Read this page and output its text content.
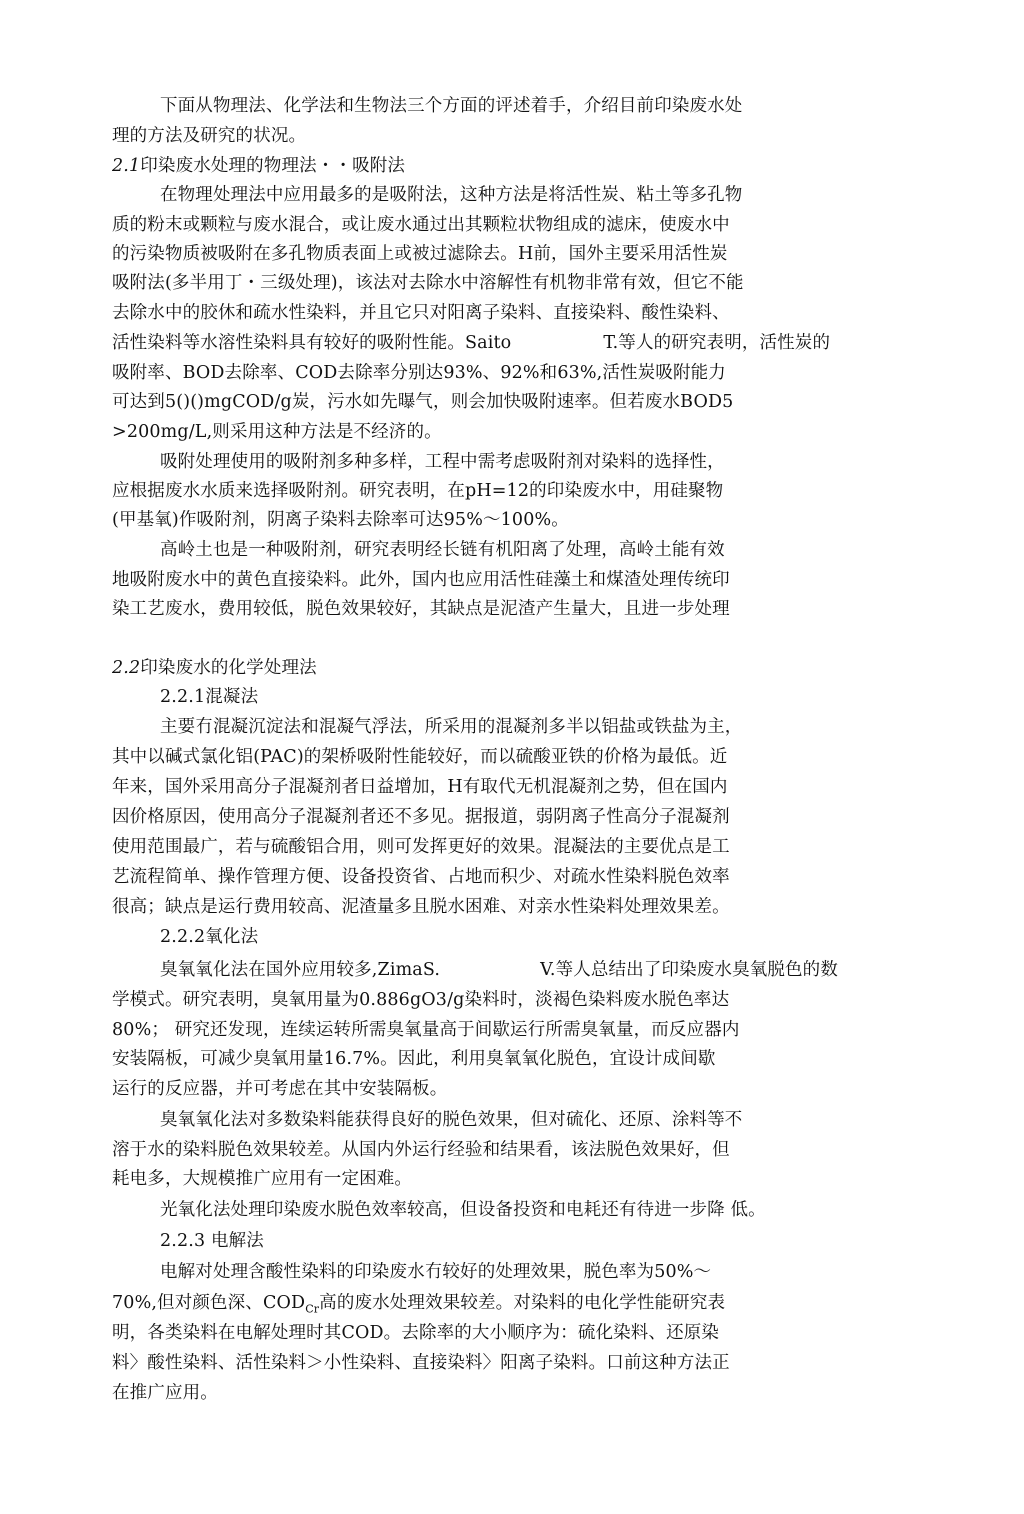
下面从物理法、化学法和生物法三个方面的评述着手，介绍目前印染废水处
理的方法及研究的状况。
2.1印染废水处理的物理法・・吸附法
在物理处理法中应用最多的是吸附法，这种方法是将活性炭、粘土等多孔物
质的粉末或颗粒与废水混合，或让废水通过出其颗粒状物组成的滤床，使废水中
的污染物质被吸附在多孔物质表面上或被过滤除去。H前，国外主要采用活性炭
吸附法(多半用丁・三级处理)，该法对去除水中溶解性有机物非常有效，但它不能
去除水中的胶休和疏水性染料，并且它只对阳离子染料、直接染料、酸性染料、
活性染料等水溶性染料具有较好的吸附性能。Saito	T.等人的研究表明，活性炭的
吸附率、BOD去除率、COD去除率分别达93%、92%和63%,活性炭吸附能力
可达到5()()mgCOD/g炭，污水如先曝气，则会加快吸附速率。但若废水BOD5
>200mg/L,则采用这种方法是不经济的。
吸附处理使用的吸附剂多种多样，工程中需考虑吸附剂对染料的选择性，
应根据废水水质来选择吸附剂。研究表明，在pH=12的印染废水中，用硅聚物
(甲基氧)作吸附剂，阴离子染料去除率可达95%～100%。
高岭土也是一种吸附剂，研究表明经长链有机阳离了处理，高岭土能有效
地吸附废水中的黄色直接染料。此外，国内也应用活性硅藻土和煤渣处理传统印
染工艺废水，费用较低，脱色效果较好，其缺点是泥渣产生量大，且进一步处理
2.2印染废水的化学处理法
2.2.1混凝法
主要冇混凝沉淀法和混凝气浮法，所采用的混凝剂多半以铝盐或铁盐为主，
其中以碱式氯化铝(PAC)的架桥吸附性能较好，而以硫酸亚铁的价格为最低。近
年来，国外采用高分子混凝剂者日益增加，H有取代无机混凝剂之势，但在国内
因价格原因，使用高分子混凝剂者还不多见。据报道，弱阴离子性高分子混凝剂
使用范围最广，若与硫酸铝合用，则可发挥更好的效果。混凝法的主要优点是工
艺流程简单、操作管理方便、设备投资省、占地而积少、对疏水性染料脱色效率
很高；缺点是运行费用较高、泥渣量多且脱水困难、对亲水性染料处理效果差。
2.2.2氧化法
臭氧氧化法在国外应用较多,ZimaS.	V.等人总结出了印染废水臭氧脱色的数
学模式。研究表明，臭氧用量为0.886gO3/g染料时，淡褐色染料废水脱色率达
80%； 研究还发现，连续运转所需臭氧量高于间歇运行所需臭氧量，而反应器内
安装隔板，可减少臭氧用量16.7%。因此，利用臭氧氧化脱色，宜设计成间歇
运行的反应器，并可考虑在其中安装隔板。
臭氧氧化法对多数染料能获得良好的脱色效果，但对硫化、还原、涂料等不
溶于水的染料脱色效果较差。从国内外运行经验和结果看，该法脱色效果好，但
耗电多，大规模推广应用有一定困难。
光氧化法处理印染废水脱色效率较高，但设备投资和电耗还有待进一步降 低。
2.2.3 电解法
电解对处理含酸性染料的印染废水冇较好的处理效果，脱色率为50%～
70%,但对颜色深、$COD_{Cr}$高的废水处理效果较差。对染料的电化学性能研究表
明，各类染料在电解处理时其COD。去除率的大小顺序为：硫化染料、还原染
料〉酸性染料、活性染料＞小性染料、直接染料〉阳离子染料。口前这种方法正
在推广应用。
